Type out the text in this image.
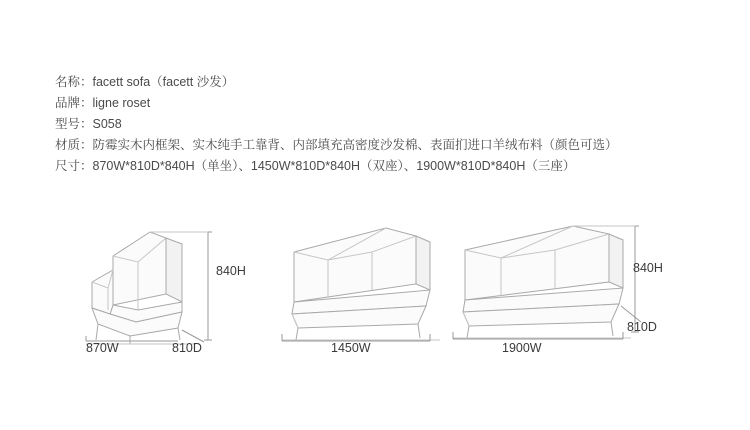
名称：facett sofa（facett 沙发）
品牌：ligne roset
型号：S058
材质：防霉实木内框架、实木纯手工靠背、内部填充高密度沙发棉、表面扪进口羊绒布料（颜色可选）
尺寸：870W*810D*840H（单坐）、1450W*810D*840H（双座）、1900W*810D*840H（三座）
870W	810D
840H
1450W	1900W
840H
810D
